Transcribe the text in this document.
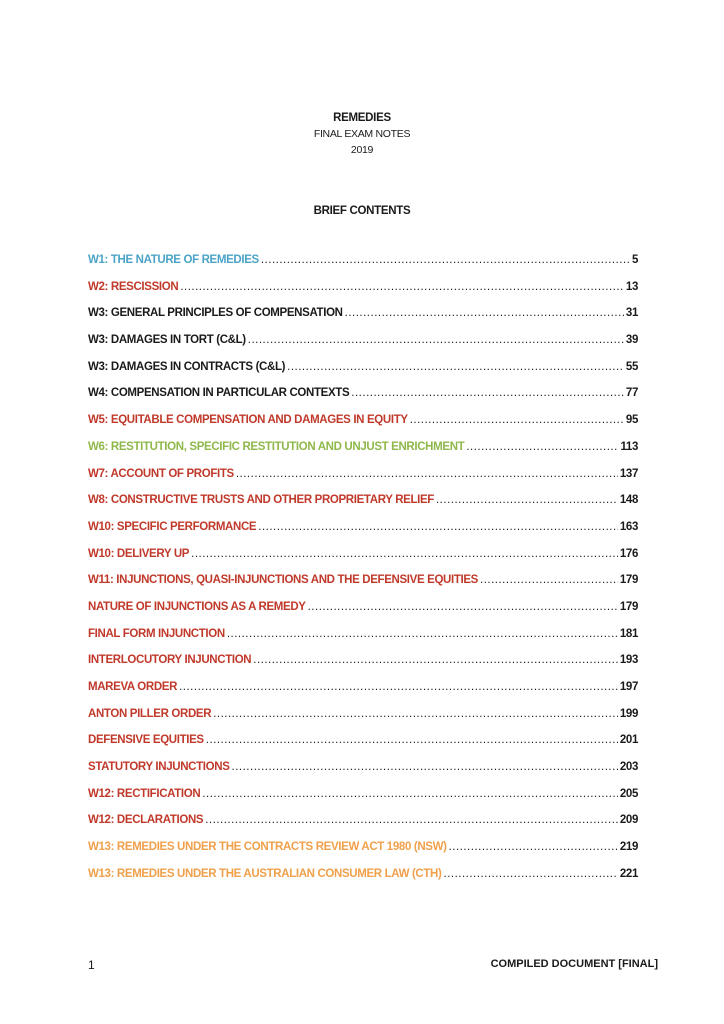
REMEDIES

FINAL EXAM NOTES

2019

BRIEF CONTENTS

W1: THE NATURE OF REMEDIES .....	5
W2: RESCISSION .....	13
W3: GENERAL PRINCIPLES OF COMPENSATION .....	31
W3: DAMAGES IN TORT (C&L) .....	39
W3: DAMAGES IN CONTRACTS (C&L) .....	55
W4: COMPENSATION IN PARTICULAR CONTEXTS .....	77
W5: EQUITABLE COMPENSATION AND DAMAGES IN EQUITY .....	95
W6: RESTITUTION, SPECIFIC RESTITUTION AND UNJUST ENRICHMENT .....	113
W7: ACCOUNT OF PROFITS .....	137
W8: CONSTRUCTIVE TRUSTS AND OTHER PROPRIETARY RELIEF .....	148
W10: SPECIFIC PERFORMANCE .....	163
W10: DELIVERY UP .....	176
W11: INJUNCTIONS, QUASI-INJUNCTIONS AND THE DEFENSIVE EQUITIES .....	179
NATURE OF INJUNCTIONS AS A REMEDY .....	179
FINAL FORM INJUNCTION .....	181
INTERLOCUTORY INJUNCTION .....	193
MAREVA ORDER .....	197
ANTON PILLER ORDER .....	199
DEFENSIVE EQUITIES .....	201
STATUTORY INJUNCTIONS .....	203
W12: RECTIFICATION .....	205
W12: DECLARATIONS .....	209
W13: REMEDIES UNDER THE CONTRACTS REVIEW ACT 1980 (NSW) .....	219
W13: REMEDIES UNDER THE AUSTRALIAN CONSUMER LAW (CTH) .....	221
1	COMPILED DOCUMENT [FINAL]
